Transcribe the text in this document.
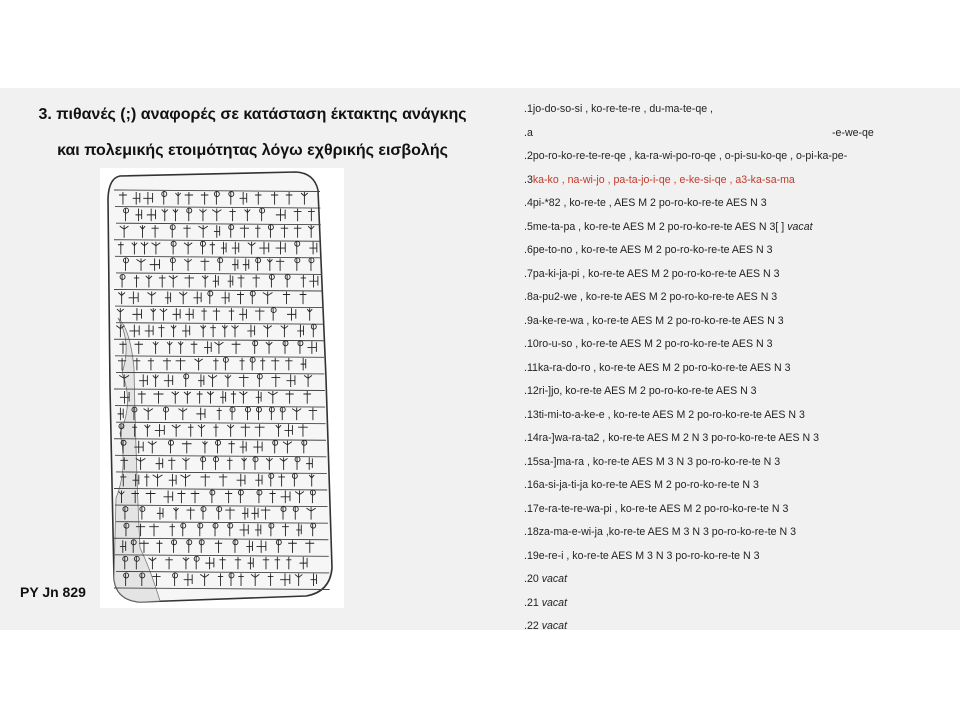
3. πιθανές (;) αναφορές σε κατάσταση έκτακτης ανάγκης
και πολεμικής ετοιμότητας λόγω εχθρικής εισβολής
PY Jn 829
.1jo-do-so-si , ko-re-te-re , du-ma-te-qe ,
.a	-e-we-qe
.2po-ro-ko-re-te-re-qe , ka-ra-wi-po-ro-qe , o-pi-su-ko-qe , o-pi-ka-pe-
.3ka-ko , na-wi-jo , pa-ta-jo-i-qe , e-ke-si-qe , a3-ka-sa-ma
.4pi-*82 , ko-re-te , AES M 2 po-ro-ko-re-te AES N 3
.5me-ta-pa , ko-re-te AES M 2 po-ro-ko-re-te AES N 3[ ] vacat
.6pe-to-no , ko-re-te AES M 2 po-ro-ko-re-te AES N 3
.7pa-ki-ja-pi , ko-re-te AES M 2 po-ro-ko-re-te AES N 3
.8a-pu2-we , ko-re-te AES M 2 po-ro-ko-re-te AES N 3
.9a-ke-re-wa , ko-re-te AES M 2 po-ro-ko-re-te AES N 3
.10ro-u-so , ko-re-te AES M 2 po-ro-ko-re-te AES N 3
.11ka-ra-do-ro , ko-re-te AES M 2 po-ro-ko-re-te AES N 3
.12ri-]jo, ko-re-te AES M 2 po-ro-ko-re-te AES N 3
.13ti-mi-to-a-ke-e , ko-re-te AES M 2 po-ro-ko-re-te AES N 3
.14ra-]wa-ra-ta2 , ko-re-te AES M 2 N 3 po-ro-ko-re-te AES N 3
.15sa-]ma-ra , ko-re-te AES M 3 N 3 po-ro-ko-re-te N 3
.16a-si-ja-ti-ja ko-re-te AES M 2 po-ro-ko-re-te N 3
.17e-ra-te-re-wa-pi , ko-re-te AES M 2 po-ro-ko-re-te N 3
.18za-ma-e-wi-ja ,ko-re-te AES M 3 N 3 po-ro-ko-re-te N 3
.19e-re-i , ko-re-te AES M 3 N 3 po-ro-ko-re-te N 3
.20 vacat
.21 vacat
.22 vacat
